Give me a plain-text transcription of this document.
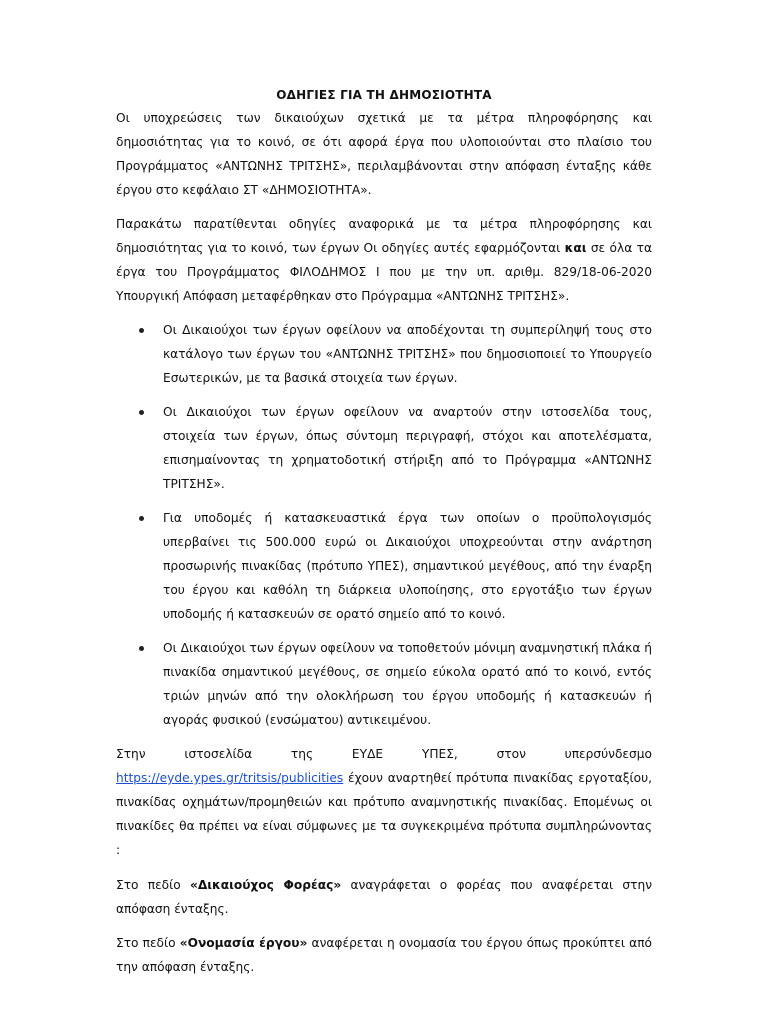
ΟΔΗΓΙΕΣ ΓΙΑ ΤΗ ΔΗΜΟΣΙΟΤΗΤΑ

Οι υποχρεώσεις των δικαιούχων σχετικά με τα μέτρα πληροφόρησης και δημοσιότητας για το κοινό, σε ότι αφορά έργα που υλοποιούνται στο πλαίσιο του Προγράμματος «ΑΝΤΩΝΗΣ ΤΡΙΤΣΗΣ», περιλαμβάνονται στην απόφαση ένταξης κάθε έργου στο κεφάλαιο ΣΤ «ΔΗΜΟΣΙΟΤΗΤΑ».

Παρακάτω παρατίθενται οδηγίες αναφορικά με τα μέτρα πληροφόρησης και δημοσιότητας για το κοινό, των έργων Οι οδηγίες αυτές εφαρμόζονται και σε όλα τα έργα του Προγράμματος ΦΙΛΟΔΗΜΟΣ Ι που με την υπ. αριθμ. 829/18-06-2020 Υπουργική Απόφαση μεταφέρθηκαν στο Πρόγραμμα «ΑΝΤΩΝΗΣ ΤΡΙΤΣΗΣ».

Οι Δικαιούχοι των έργων οφείλουν να αποδέχονται τη συμπερίληψή τους στο κατάλογο των έργων του «ΑΝΤΩΝΗΣ ΤΡΙΤΣΗΣ» που δημοσιοποιεί το Υπουργείο Εσωτερικών, με τα βασικά στοιχεία των έργων.
Οι Δικαιούχοι των έργων οφείλουν να αναρτούν στην ιστοσελίδα τους, στοιχεία των έργων, όπως σύντομη περιγραφή, στόχοι και αποτελέσματα, επισημαίνοντας τη χρηματοδοτική στήριξη από το Πρόγραμμα «ΑΝΤΩΝΗΣ ΤΡΙΤΣΗΣ».
Για υποδομές ή κατασκευαστικά έργα των οποίων ο προϋπολογισμός υπερβαίνει τις 500.000 ευρώ οι Δικαιούχοι υποχρεούνται στην ανάρτηση προσωρινής πινακίδας (πρότυπο ΥΠΕΣ), σημαντικού μεγέθους, από την έναρξη του έργου και καθόλη τη διάρκεια υλοποίησης, στο εργοτάξιο των έργων υποδομής ή κατασκευών σε ορατό σημείο από το κοινό.
Οι Δικαιούχοι των έργων οφείλουν να τοποθετούν μόνιμη αναμνηστική πλάκα ή πινακίδα σημαντικού μεγέθους, σε σημείο εύκολα ορατό από το κοινό, εντός τριών μηνών από την ολοκλήρωση του έργου υποδομής ή κατασκευών ή αγοράς φυσικού (ενσώματου) αντικειμένου.
Στην	ιστοσελίδα	της	ΕΥΔΕ	ΥΠΕΣ,	στον	υπερσύνδεσμο
https://eyde.ypes.gr/tritsis/publicities έχουν αναρτηθεί πρότυπα πινακίδας εργοταξίου, πινακίδας οχημάτων/προμηθειών και πρότυπο αναμνηστικής πινακίδας. Επομένως οι πινακίδες θα πρέπει να είναι σύμφωνες με τα συγκεκριμένα πρότυπα συμπληρώνοντας :

Στο πεδίο «Δικαιούχος Φορέας» αναγράφεται ο φορέας που αναφέρεται στην απόφαση ένταξης.

Στο πεδίο «Ονομασία έργου» αναφέρεται η ονομασία του έργου όπως προκύπτει από την απόφαση ένταξης.
